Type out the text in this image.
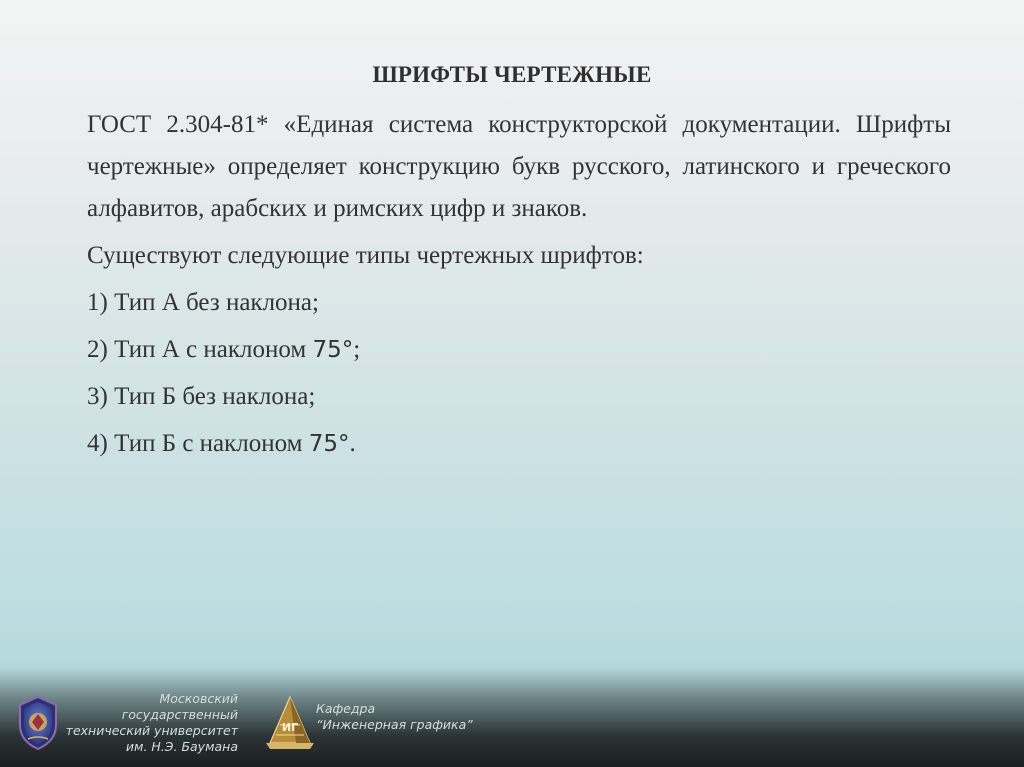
ШРИФТЫ ЧЕРТЕЖНЫЕ

ГОСТ 2.304-81* «Единая система конструкторской документации. Шрифты чертежные» определяет конструкцию букв русского, латинского и греческого алфавитов, арабских и римских цифр и знаков.

Существуют следующие типы чертежных шрифтов:

1) Тип А без наклона;

2) Тип А с наклоном 75°;

3) Тип Б без наклона;

4) Тип Б с наклоном 75°.

Московский государственный
технический университет
им. Н.Э. Баумана
ИГ
Кафедра
“Инженерная графика”
